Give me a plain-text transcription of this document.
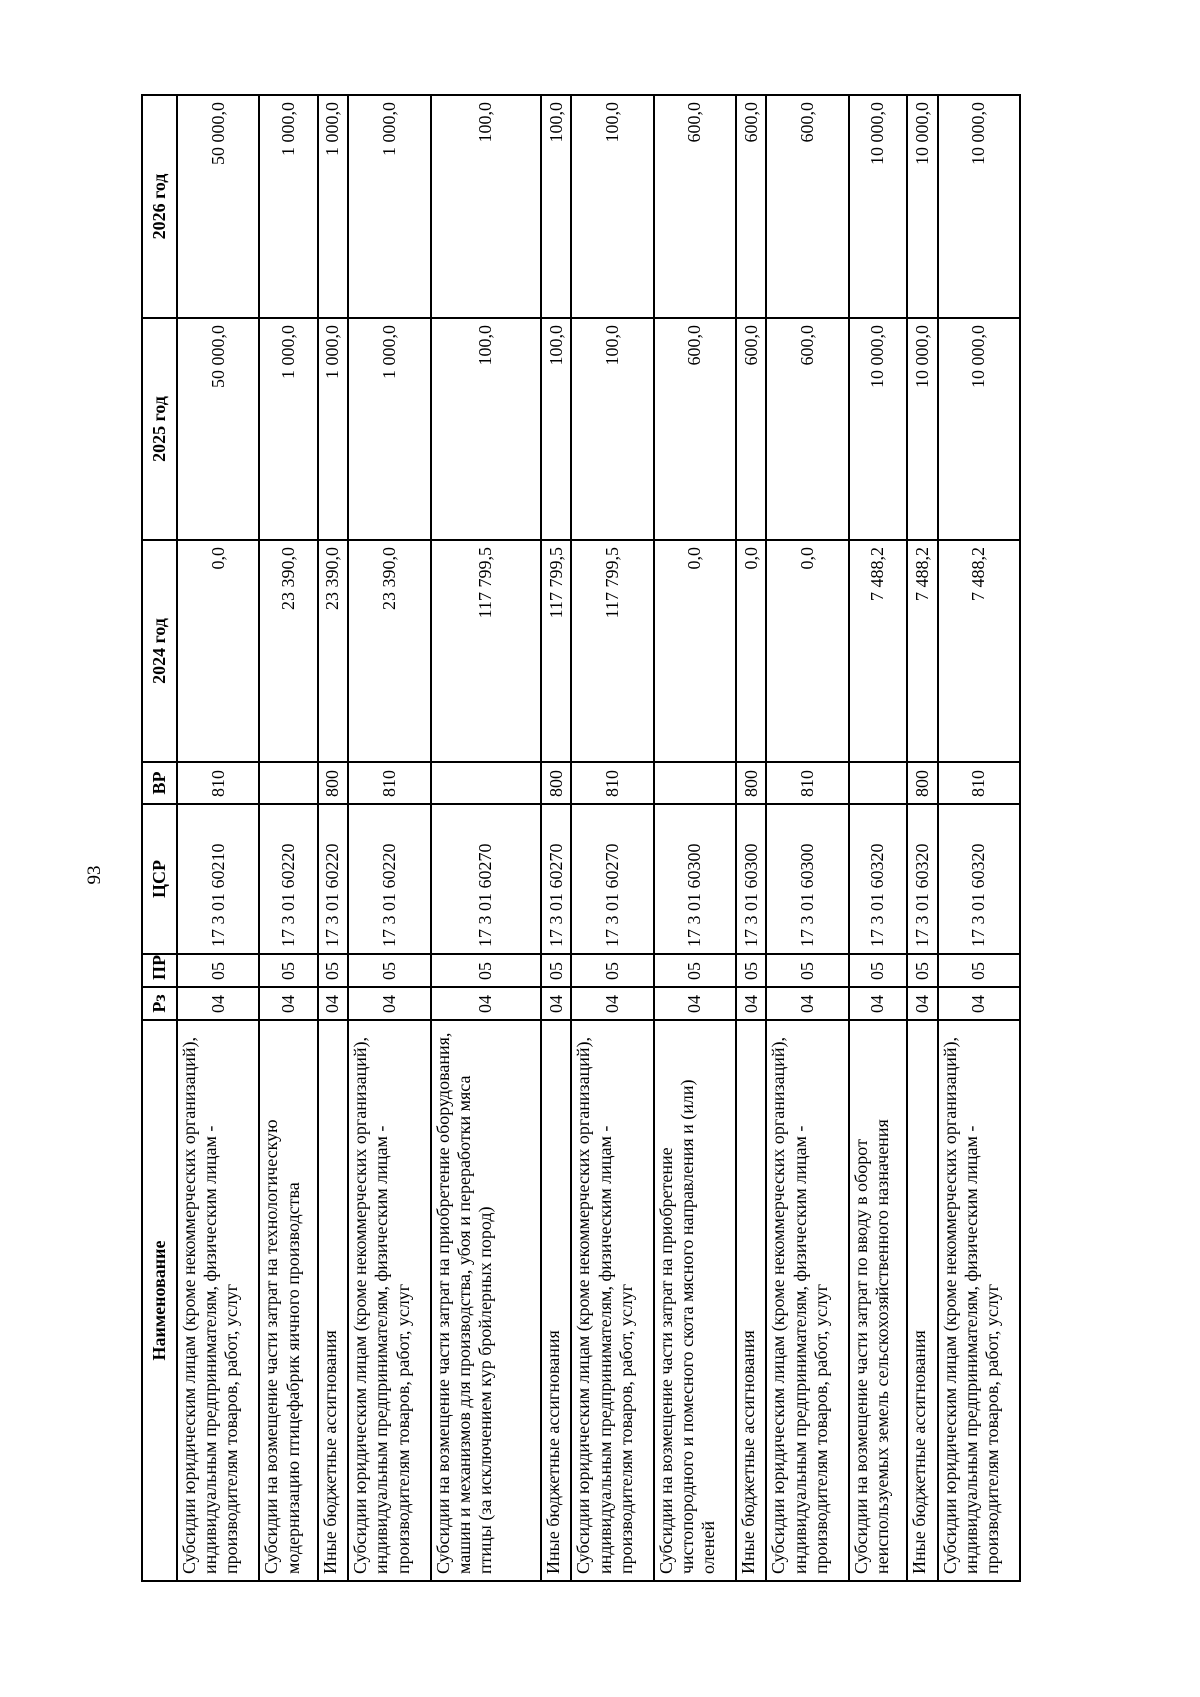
93
Наименование	Рз	ПР	ЦСР	ВР	2024 год	2025 год	2026 год
Субсидии юридическим лицам (кроме некоммерческих организаций), индивидуальным предпринимателям, физическим лицам - производителям товаров, работ, услуг	04	05	17 3 01 60210	810	0,0	50 000,0	50 000,0
Субсидии на возмещение части затрат на технологическую модернизацию птицефабрик яичного производства	04	05	17 3 01 60220		23 390,0	1 000,0	1 000,0
Иные бюджетные ассигнования	04	05	17 3 01 60220	800	23 390,0	1 000,0	1 000,0
Субсидии юридическим лицам (кроме некоммерческих организаций), индивидуальным предпринимателям, физическим лицам - производителям товаров, работ, услуг	04	05	17 3 01 60220	810	23 390,0	1 000,0	1 000,0
Субсидии на возмещение части затрат на приобретение оборудования, машин и механизмов для производства, убоя и переработки мяса птицы (за исключением кур бройлерных пород)	04	05	17 3 01 60270		117 799,5	100,0	100,0
Иные бюджетные ассигнования	04	05	17 3 01 60270	800	117 799,5	100,0	100,0
Субсидии юридическим лицам (кроме некоммерческих организаций), индивидуальным предпринимателям, физическим лицам - производителям товаров, работ, услуг	04	05	17 3 01 60270	810	117 799,5	100,0	100,0
Субсидии на возмещение части затрат на приобретение чистопородного и помесного скота мясного направления и (или) оленей	04	05	17 3 01 60300		0,0	600,0	600,0
Иные бюджетные ассигнования	04	05	17 3 01 60300	800	0,0	600,0	600,0
Субсидии юридическим лицам (кроме некоммерческих организаций), индивидуальным предпринимателям, физическим лицам - производителям товаров, работ, услуг	04	05	17 3 01 60300	810	0,0	600,0	600,0
Субсидии на возмещение части затрат по вводу в оборот неиспользуемых земель сельскохозяйственного назначения	04	05	17 3 01 60320		7 488,2	10 000,0	10 000,0
Иные бюджетные ассигнования	04	05	17 3 01 60320	800	7 488,2	10 000,0	10 000,0
Субсидии юридическим лицам (кроме некоммерческих организаций), индивидуальным предпринимателям, физическим лицам - производителям товаров, работ, услуг	04	05	17 3 01 60320	810	7 488,2	10 000,0	10 000,0
